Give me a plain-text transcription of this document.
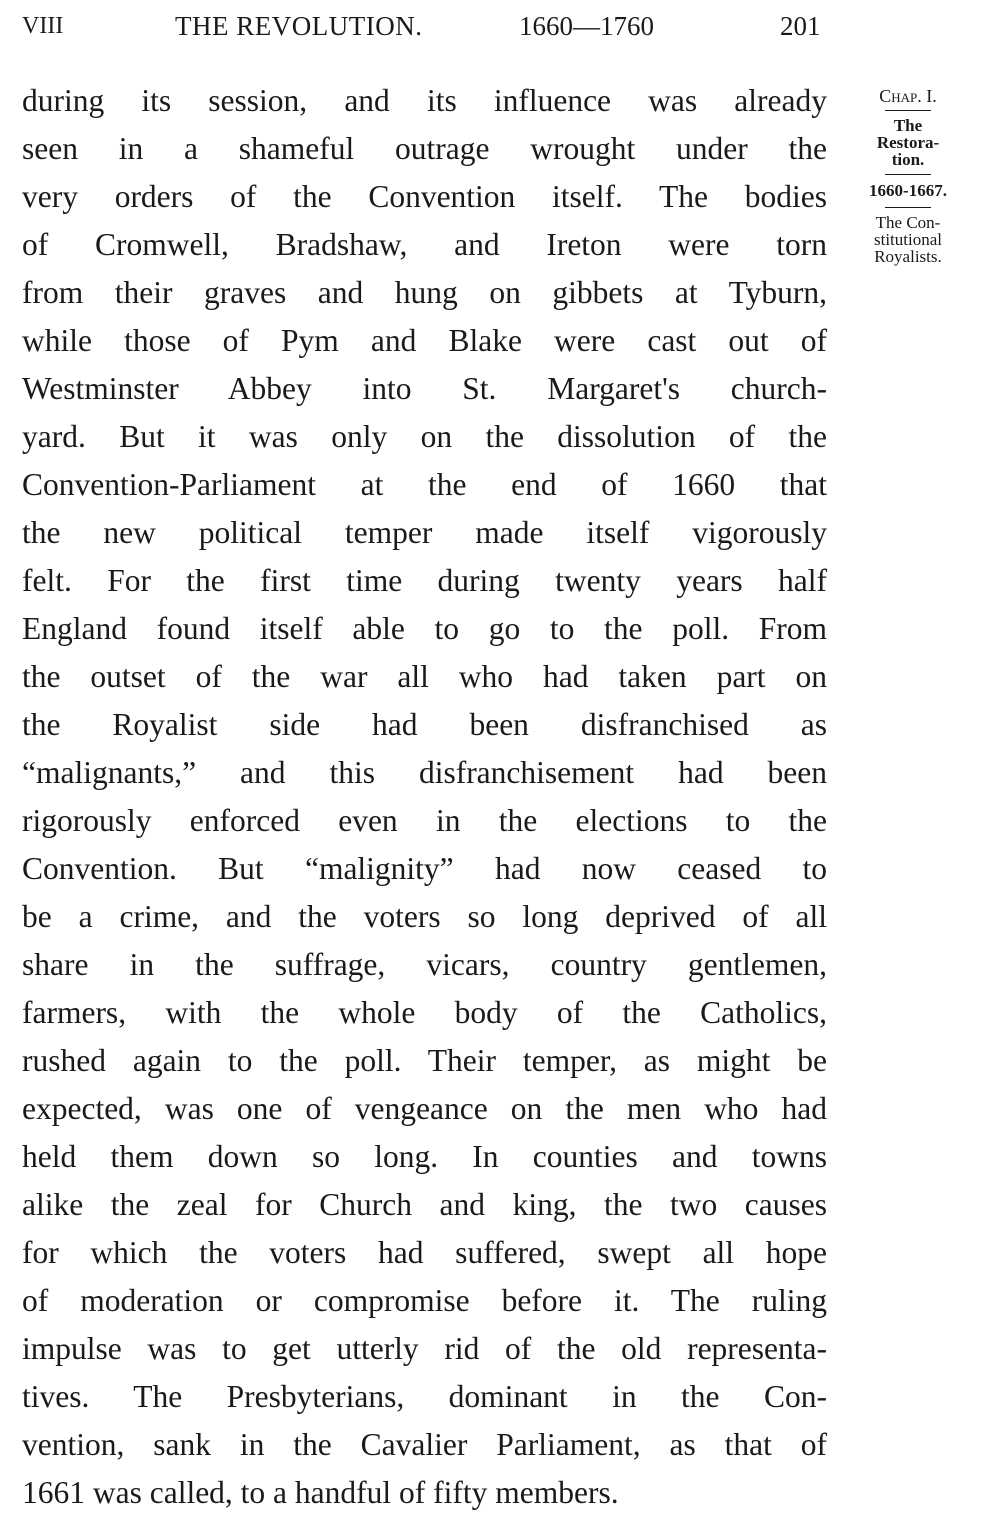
VIII	THE REVOLUTION.	1660—1760	201
during its session, and its influence was already
seen in a shameful outrage wrought under the
very orders of the Convention itself. The bodies
of Cromwell, Bradshaw, and Ireton were torn
from their graves and hung on gibbets at Tyburn,
while those of Pym and Blake were cast out of
Westminster Abbey into St. Margaret's church-
yard. But it was only on the dissolution of the
Convention-Parliament at the end of 1660 that
the new political temper made itself vigorously
felt. For the first time during twenty years half
England found itself able to go to the poll. From
the outset of the war all who had taken part on
the Royalist side had been disfranchised as
“malignants,” and this disfranchisement had been
rigorously enforced even in the elections to the
Convention. But “malignity” had now ceased to
be a crime, and the voters so long deprived of all
share in the suffrage, vicars, country gentlemen,
farmers, with the whole body of the Catholics,
rushed again to the poll. Their temper, as might be
expected, was one of vengeance on the men who had
held them down so long. In counties and towns
alike the zeal for Church and king, the two causes
for which the voters had suffered, swept all hope
of moderation or compromise before it. The ruling
impulse was to get utterly rid of the old representa-
tives. The Presbyterians, dominant in the Con-
vention, sank in the Cavalier Parliament, as that of
1661 was called, to a handful of fifty members.
Chap. I.
The
Restora-
tion.
1660-1667.
The Con-
stitutional
Royalists.
